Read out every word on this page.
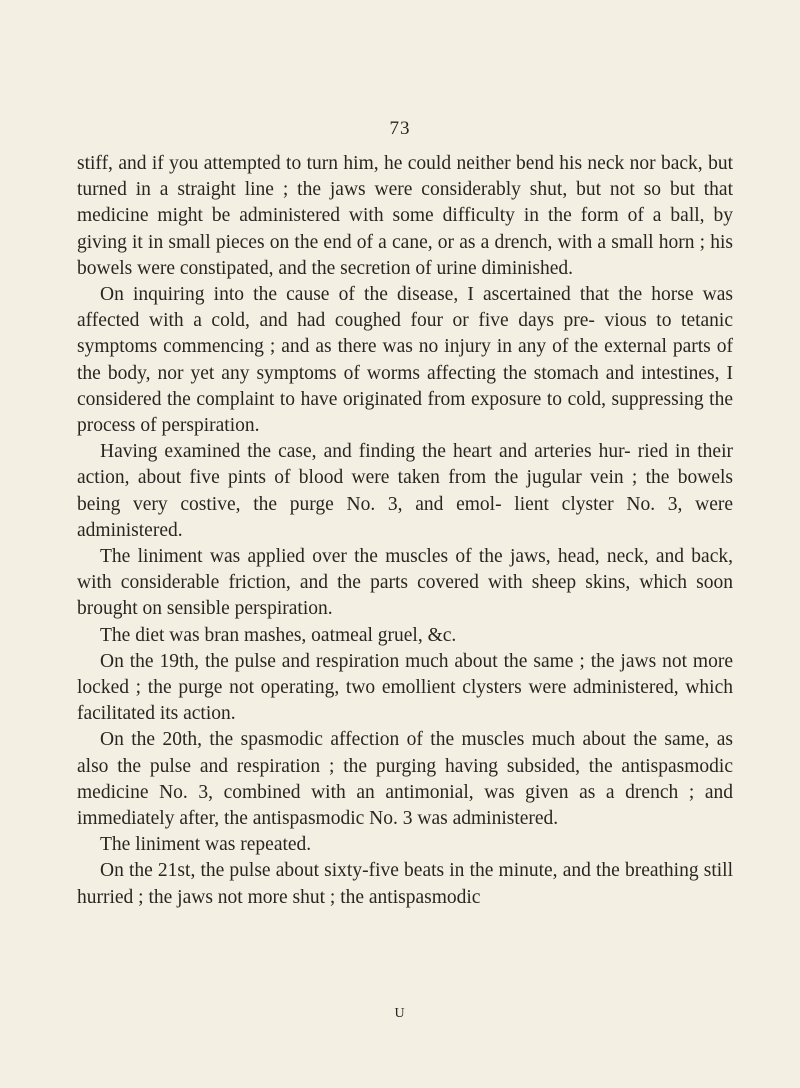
73

stiff, and if you attempted to turn him, he could neither bend his neck nor back, but turned in a straight line ; the jaws were considerably shut, but not so but that medicine might be administered with some difficulty in the form of a ball, by giving it in small pieces on the end of a cane, or as a drench, with a small horn ; his bowels were constipated, and the secretion of urine diminished.

On inquiring into the cause of the disease, I ascertained that the horse was affected with a cold, and had coughed four or five days pre- vious to tetanic symptoms commencing ; and as there was no injury in any of the external parts of the body, nor yet any symptoms of worms affecting the stomach and intestines, I considered the complaint to have originated from exposure to cold, suppressing the process of perspiration.

Having examined the case, and finding the heart and arteries hur- ried in their action, about five pints of blood were taken from the jugular vein ; the bowels being very costive, the purge No. 3, and emol- lient clyster No. 3, were administered.

The liniment was applied over the muscles of the jaws, head, neck, and back, with considerable friction, and the parts covered with sheep skins, which soon brought on sensible perspiration.

The diet was bran mashes, oatmeal gruel, &c.

On the 19th, the pulse and respiration much about the same ; the jaws not more locked ; the purge not operating, two emollient clysters were administered, which facilitated its action.

On the 20th, the spasmodic affection of the muscles much about the same, as also the pulse and respiration ; the purging having subsided, the antispasmodic medicine No. 3, combined with an antimonial, was given as a drench ; and immediately after, the antispasmodic No. 3 was administered.

The liniment was repeated.

On the 21st, the pulse about sixty-five beats in the minute, and the breathing still hurried ; the jaws not more shut ; the antispasmodic

U
